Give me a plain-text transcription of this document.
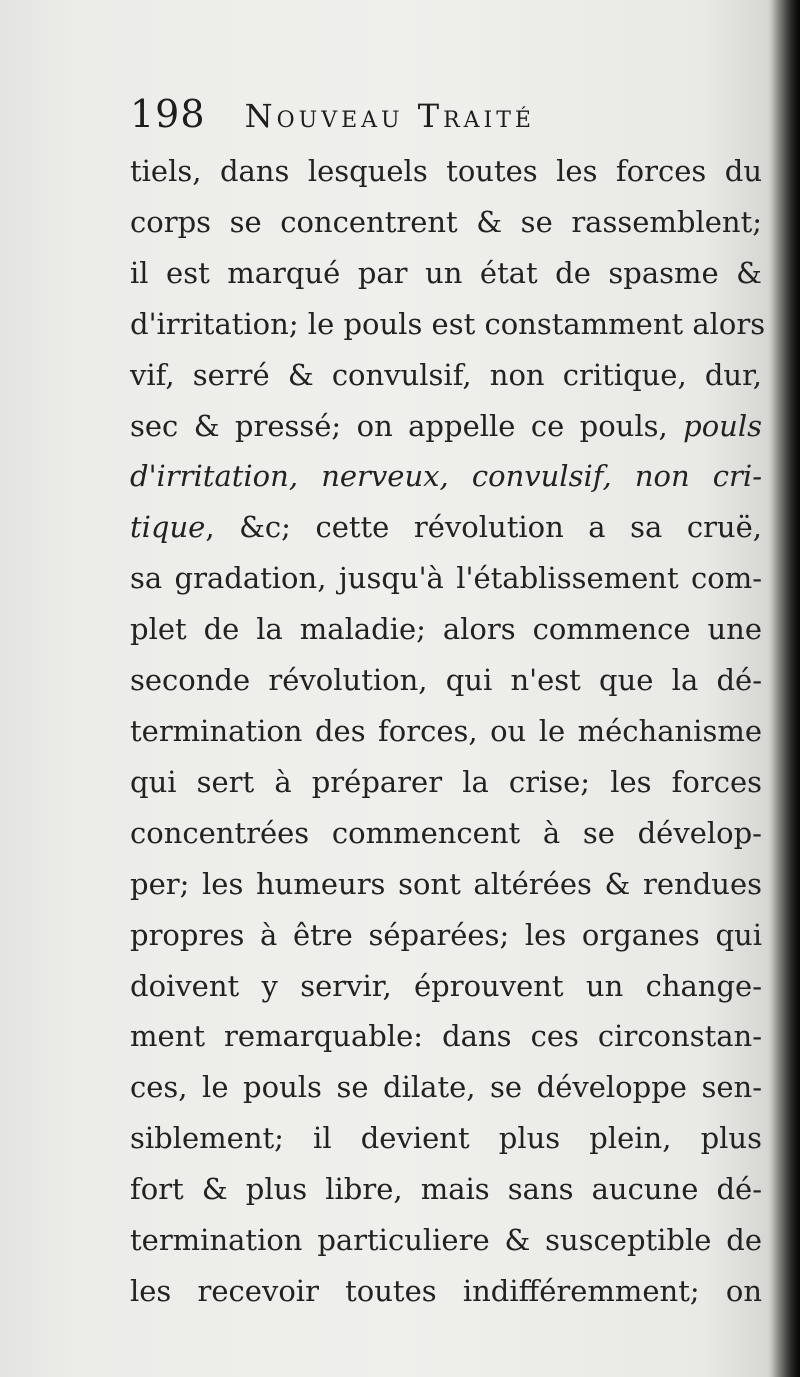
198 Nouveau Traité
tiels, dans lesquels toutes les forces du
corps se concentrent & se rassemblent;
il est marqué par un état de spasme &
d'irritation; le pouls est constamment alors
vif, serré & convulsif, non critique, dur,
sec & pressé; on appelle ce pouls, pouls
d'irritation, nerveux, convulsif, non cri-
tique, &c; cette révolution a sa cruë,
sa gradation, jusqu'à l'établissement com-
plet de la maladie; alors commence une
seconde révolution, qui n'est que la dé-
termination des forces, ou le méchanisme
qui sert à préparer la crise; les forces
concentrées commencent à se dévelop-
per; les humeurs sont altérées & rendues
propres à être séparées; les organes qui
doivent y servir, éprouvent un change-
ment remarquable: dans ces circonstan-
ces, le pouls se dilate, se développe sen-
siblement; il devient plus plein, plus
fort & plus libre, mais sans aucune dé-
termination particuliere & susceptible de
les recevoir toutes indifféremment; on
